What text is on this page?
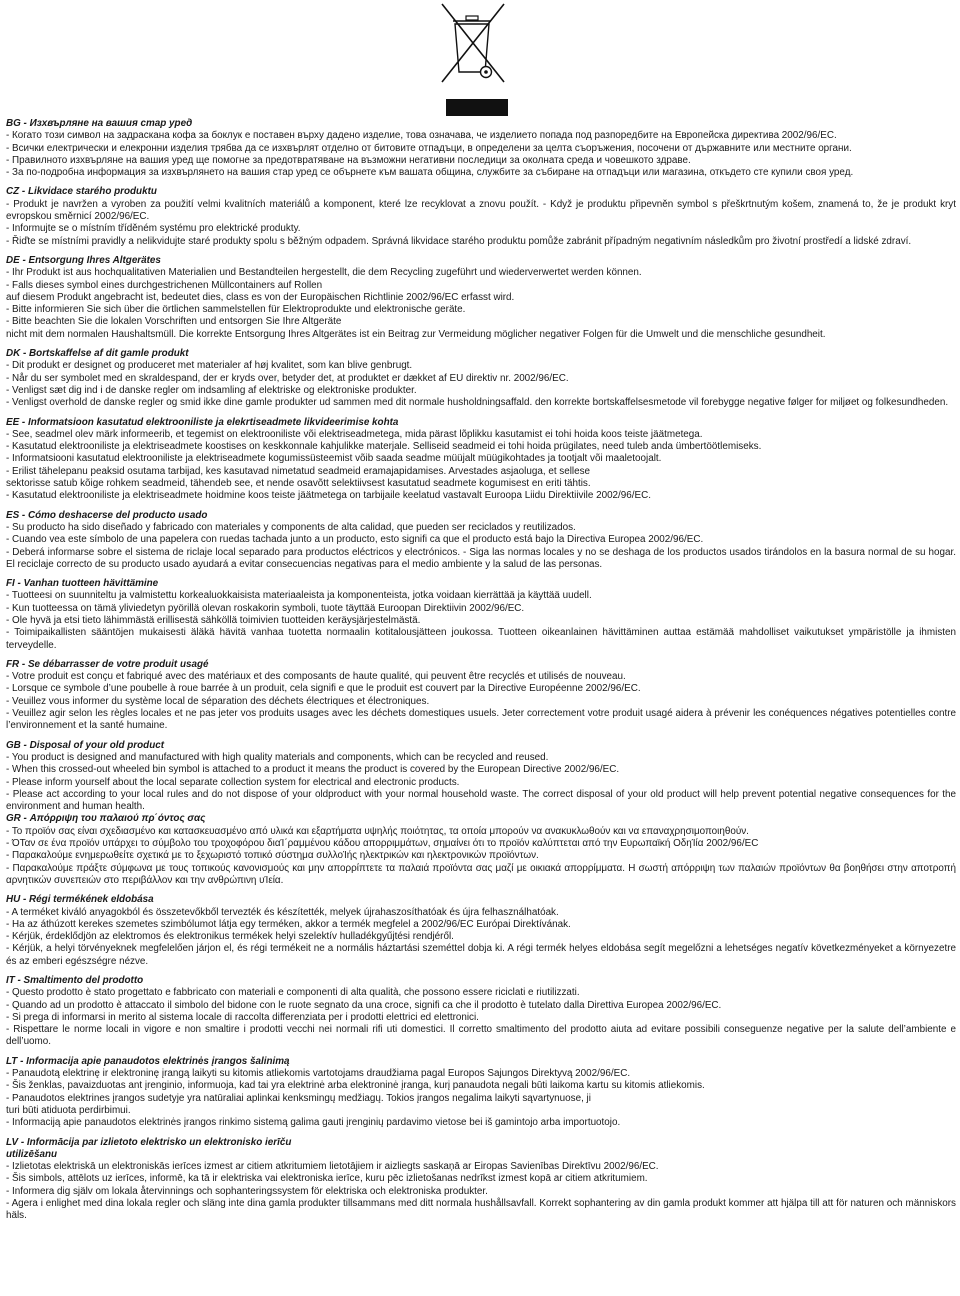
BG - Изхвърляне на вашия стар уред
- Когато този символ на задраскана кофа за боклук е поставен върху дадено изделие, това означава, че изделието попада под разпоредбите на Европейска директива 2002/96/EC.
- Всички електрически и елекронни изделия трябва да се изхвърлят отделно от битовите отпадъци, в определени за целта съоръжения, посочени от държавните или местните органи.
- Правилното изхвърляне на вашия уред ще помогне за предотвратяване на възможни негативни последици за околната среда и човешкото здраве.
- За по-подробна информация за изхвърлянето на вашия стар уред се обърнете към вашата община, службите за събиране на отпадъци или магазина, откъдето сте купили своя уред.
CZ - Likvidace starého produktu
- Produkt je navržen a vyroben za použití velmi kvalitních materiálů a komponent, které lze recyklovat a znovu použít. - Když je produktu připevněn symbol s přeškrtnutým košem, znamená to, že je produkt kryt evropskou směrnicí 2002/96/EC.
- Informujte se o místním tříděném systému pro elektrické produkty.
- Řiďte se místními pravidly a nelikvidujte staré produkty spolu s běžným odpadem. Správná likvidace starého produktu pomůže zabránit případným negativním následkům pro životní prostředí a lidské zdraví.
DE - Entsorgung Ihres Altgerätes
- Ihr Produkt ist aus hochqualitativen Materialien und Bestandteilen hergestellt, die dem Recycling zugeführt und wiederverwertet werden können.
- Falls dieses symbol eines durchgestrichenen Müllcontainers auf Rollen
auf diesem Produkt angebracht ist, bedeutet dies, class es von der Europäischen Richtlinie 2002/96/EC erfasst wird.
- Bitte informieren Sie sich über die örtlichen sammelstellen für Elektroprodukte und elektronische geräte.
- Bitte beachten Sie die lokalen Vorschriften und entsorgen Sie Ihre Altgeräte
nicht mit dem normalen Haushaltsmüll. Die korrekte Entsorgung Ihres Altgerätes ist ein Beitrag zur Vermeidung möglicher negativer Folgen für die Umwelt und die menschliche gesundheit.
DK - Bortskaffelse af dit gamle produkt
- Dit produkt er designet og produceret met materialer af høj kvalitet, som kan blive genbrugt.
- Når du ser symbolet med en skraldespand, der er kryds over, betyder det, at produktet er dækket af EU direktiv nr. 2002/96/EC.
- Venligst sæt dig ind i de danske regler om indsamling af elektriske og elektroniske produkter.
- Venligst overhold de danske regler og smid ikke dine gamle produkter ud sammen med dit normale husholdningsaffald. den korrekte bortskaffelsesmetode vil forebygge negative følger for miljøet og folkesundheden.
EE - Informatsioon kasutatud elektrooniliste ja elekrtiseadmete likvideerimise kohta
- See, seadmel olev märk informeerib, et tegemist on elektrooniliste või elektriseadmetega, mida pärast lõplikku kasutamist ei tohi hoida koos teiste jäätmetega.
- Kasutatud elektrooniliste ja elektriseadmete koostises on keskkonnale kahjulikke materjale. Selliseid seadmeid ei tohi hoida prügilates, need tuleb anda ümbertöötlemiseks.
- Informatsiooni kasutatud elektrooniliste ja elektriseadmete kogumissüsteemist võib saada seadme müüjalt müügikohtades ja tootjalt või maaletoojalt.
- Erilist tähelepanu peaksid osutama tarbijad, kes kasutavad nimetatud seadmeid eramajapidamises. Arvestades asjaoluga, et sellese
sektorisse satub kõige rohkem seadmeid, tähendeb see, et nende osavõtt selektiivsest kasutatud seadmete kogumisest en eriti tähtis.
- Kasutatud elektrooniliste ja elektriseadmete hoidmine koos teiste jäätmetega on tarbijaile keelatud vastavalt Euroopa Liidu Direktiivile 2002/96/EC.
ES - Cómo deshacerse del producto usado
- Su producto ha sido diseñado y fabricado con materiales y components de alta calidad, que pueden ser reciclados y reutilizados.
- Cuando vea este símbolo de una papelera con ruedas tachada junto a un producto, esto signifi ca que el producto está bajo la Directiva Europea 2002/96/EC.
- Deberá informarse sobre el sistema de riclaje local separado para productos eléctricos y electrónicos. - Siga las normas locales y no se deshaga de los productos usados tirándolos en la basura normal de su hogar. El reciclaje correcto de su producto usado ayudará a evitar consecuencias negativas para el medio ambiente y la salud de las personas.
FI - Vanhan tuotteen hävittämine
- Tuotteesi on suunniteltu ja valmistettu korkealuokkaisista materiaaleista ja komponenteista, jotka voidaan kierrättää ja käyttää uudell.
- Kun tuotteessa on tämä yliviedetyn pyörillä olevan roskakorin symboli, tuote täyttää Euroopan Direktiivin 2002/96/EC.
- Ole hyvä ja etsi tieto lähimmästä erillisestä sähköllä toimivien tuotteiden keräysjärjestelmästä.
- Toimipaikallisten sääntöjen mukaisesti äläkä hävitä vanhaa tuotetta normaalin kotitalousjätteen joukossa. Tuotteen oikeanlainen hävittäminen auttaa estämää mahdolliset vaikutukset ympäristölle ja ihmisten terveydelle.
FR - Se débarrasser de votre produit usagé
- Votre produit est conçu et fabriqué avec des matériaux et des composants de haute qualité, qui peuvent être recyclés et utilisés de nouveau.
- Lorsque ce symbole d’une poubelle à roue barrée à un produit, cela signifi e que le produit est couvert par la Directive Européenne 2002/96/EC.
- Veuillez vous informer du système local de séparation des déchets électriques et électroniques.
- Veuillez agir selon les règles locales et ne pas jeter vos produits usages avec les déchets domestiques usuels. Jeter correctement votre produit usagé aidera à prévenir les conéquences négatives potentielles contre l’environnement et la santé humaine.
GB - Disposal of your old product
- You product is designed and manufactured with high quality materials and components, which can be recycled and reused.
- When this crossed-out wheeled bin symbol is attached to a product it means the product is covered by the European Directive 2002/96/EC.
- Please inform yourself about the local separate collection system for electrical and electronic products.
- Please act according to your local rules and do not dispose of your oldproduct with your normal household waste. The correct disposal of your old product will help prevent potential negative consequences for the environment and human health.
GR - Απόρριψη του παλαιού πρ΄όντος σας
- Το προϊόν σας είναι σχεδιασμένο και κατασκευασμένο από υλικά και εξαρτήματα υψηλής ποιότητας, τα οποία μπορούν να ανακυκλωθούν και να επαναχρησιμοποιηθούν.
- ΌΤαν σε ένα προϊόν υπάρχει το σύμβολο του τροχοφόρου διαΊ΄ραμμένου κάδου απορριμμάτων, σημαίνει ότι το προϊόν καλύπτεται από την Ευρωπαϊκή ΟδηΊία 2002/96/EC
- Παρακαλούμε ενημερωθείτε σχετικά με το ξεχωριστό τοπικό σύστημα συλλοΊής ηλεκτρικών και ηλεκτρονικών προϊόντων.
- Παρακαλούμε πράξτε σύμφωνα με τους τοπικούς κανονισμούς και μην απορρίπτετε τα παλαιά προϊόντα σας μαζί με οικιακά απορρίμματα. Η σωστή απόρριψη των παλαιών προϊόντων θα βοηθήσει στην αποτροπή αρνητικών συνεπειών στο περιβάλλον και την ανθρώπινη υΊεία.
HU - Régi termékének eldobása
- A terméket kiváló anyagokból és összetevőkből tervezték és készítették, melyek újrahaszosíthatóak és újra felhasználhatóak.
- Ha az áthúzott kerekes szemetes szimbólumot látja egy terméken, akkor a termék megfelel a 2002/96/EC Európai Direktívának.
- Kérjük, érdeklődjön az elektromos és elektronikus termékek helyi szelektív hulladékgyűjtési rendjéről.
- Kérjük, a helyi törvényeknek megfelelően járjon el, és régi termékeit ne a normális háztartási szeméttel dobja ki. A régi termék helyes eldobása segít megelőzni a lehetséges negatív következményeket a környezetre és az emberi egészségre nézve.
IT - Smaltimento del prodotto
- Questo prodotto è stato progettato e fabbricato con materiali e componenti di alta qualità, che possono essere riciclati e riutilizzati.
- Quando ad un prodotto è attaccato il simbolo del bidone con le ruote segnato da una croce, signifi ca che il prodotto è tutelato dalla Direttiva Europea 2002/96/EC.
- Si prega di informarsi in merito al sistema locale di raccolta differenziata per i prodotti elettrici ed elettronici.
- Rispettare le norme locali in vigore e non smaltire i prodotti vecchi nei normali rifi uti domestici. Il corretto smaltimento del prodotto aiuta ad evitare possibili conseguenze negative per la salute dell’ambiente e dell’uomo.
LT - Informacija apie panaudotos elektrinės įrangos šalinimą
- Panaudotą elektrinę ir elektroninę įrangą laikyti su kitomis atliekomis vartotojams draudžiama pagal Europos Sajungos Direktyvą 2002/96/EC.
- Šis ženklas, pavaizduotas ant įrenginio, informuoja, kad tai yra elektrinė arba elektroninė įranga, kurį panaudota negali būti laikoma kartu su kitomis atliekomis.
- Panaudotos elektrines įrangos sudetyje yra natūraliai aplinkai kenksmingų medžiagų. Tokios įrangos negalima laikyti sąvartynuose, ji
turi būti atiduota perdirbimui.
- Informaciją apie panaudotos elektrinės įrangos rinkimo sistemą galima gauti įrenginių pardavimo vietose bei iš gamintojo arba importuotojo.
LV - Informācija par izlietoto elektrisko un elektronisko ierīču
utilizēšanu
- Izlietotas elektriskā un elektroniskās ierīces izmest ar citiem atkritumiem lietotājiem ir aizliegts saskaņā ar Eiropas Savienības Direktīvu 2002/96/EC.
- Šis simbols, attēlots uz ierīces, informē, ka tā ir elektriska vai elektroniska ierīce, kuru pēc izlietošanas nedrīkst izmest kopā ar citiem atkritumiem.
- Informera dig själv om lokala återvinnings och sophanteringssystem för elektriska och elektroniska produkter.
- Agera i enlighet med dina lokala regler och släng inte dina gamla produkter tillsammans med ditt normala hushållsavfall. Korrekt sophantering av din gamla produkt kommer att hjälpa till att för naturen och människors häls.
